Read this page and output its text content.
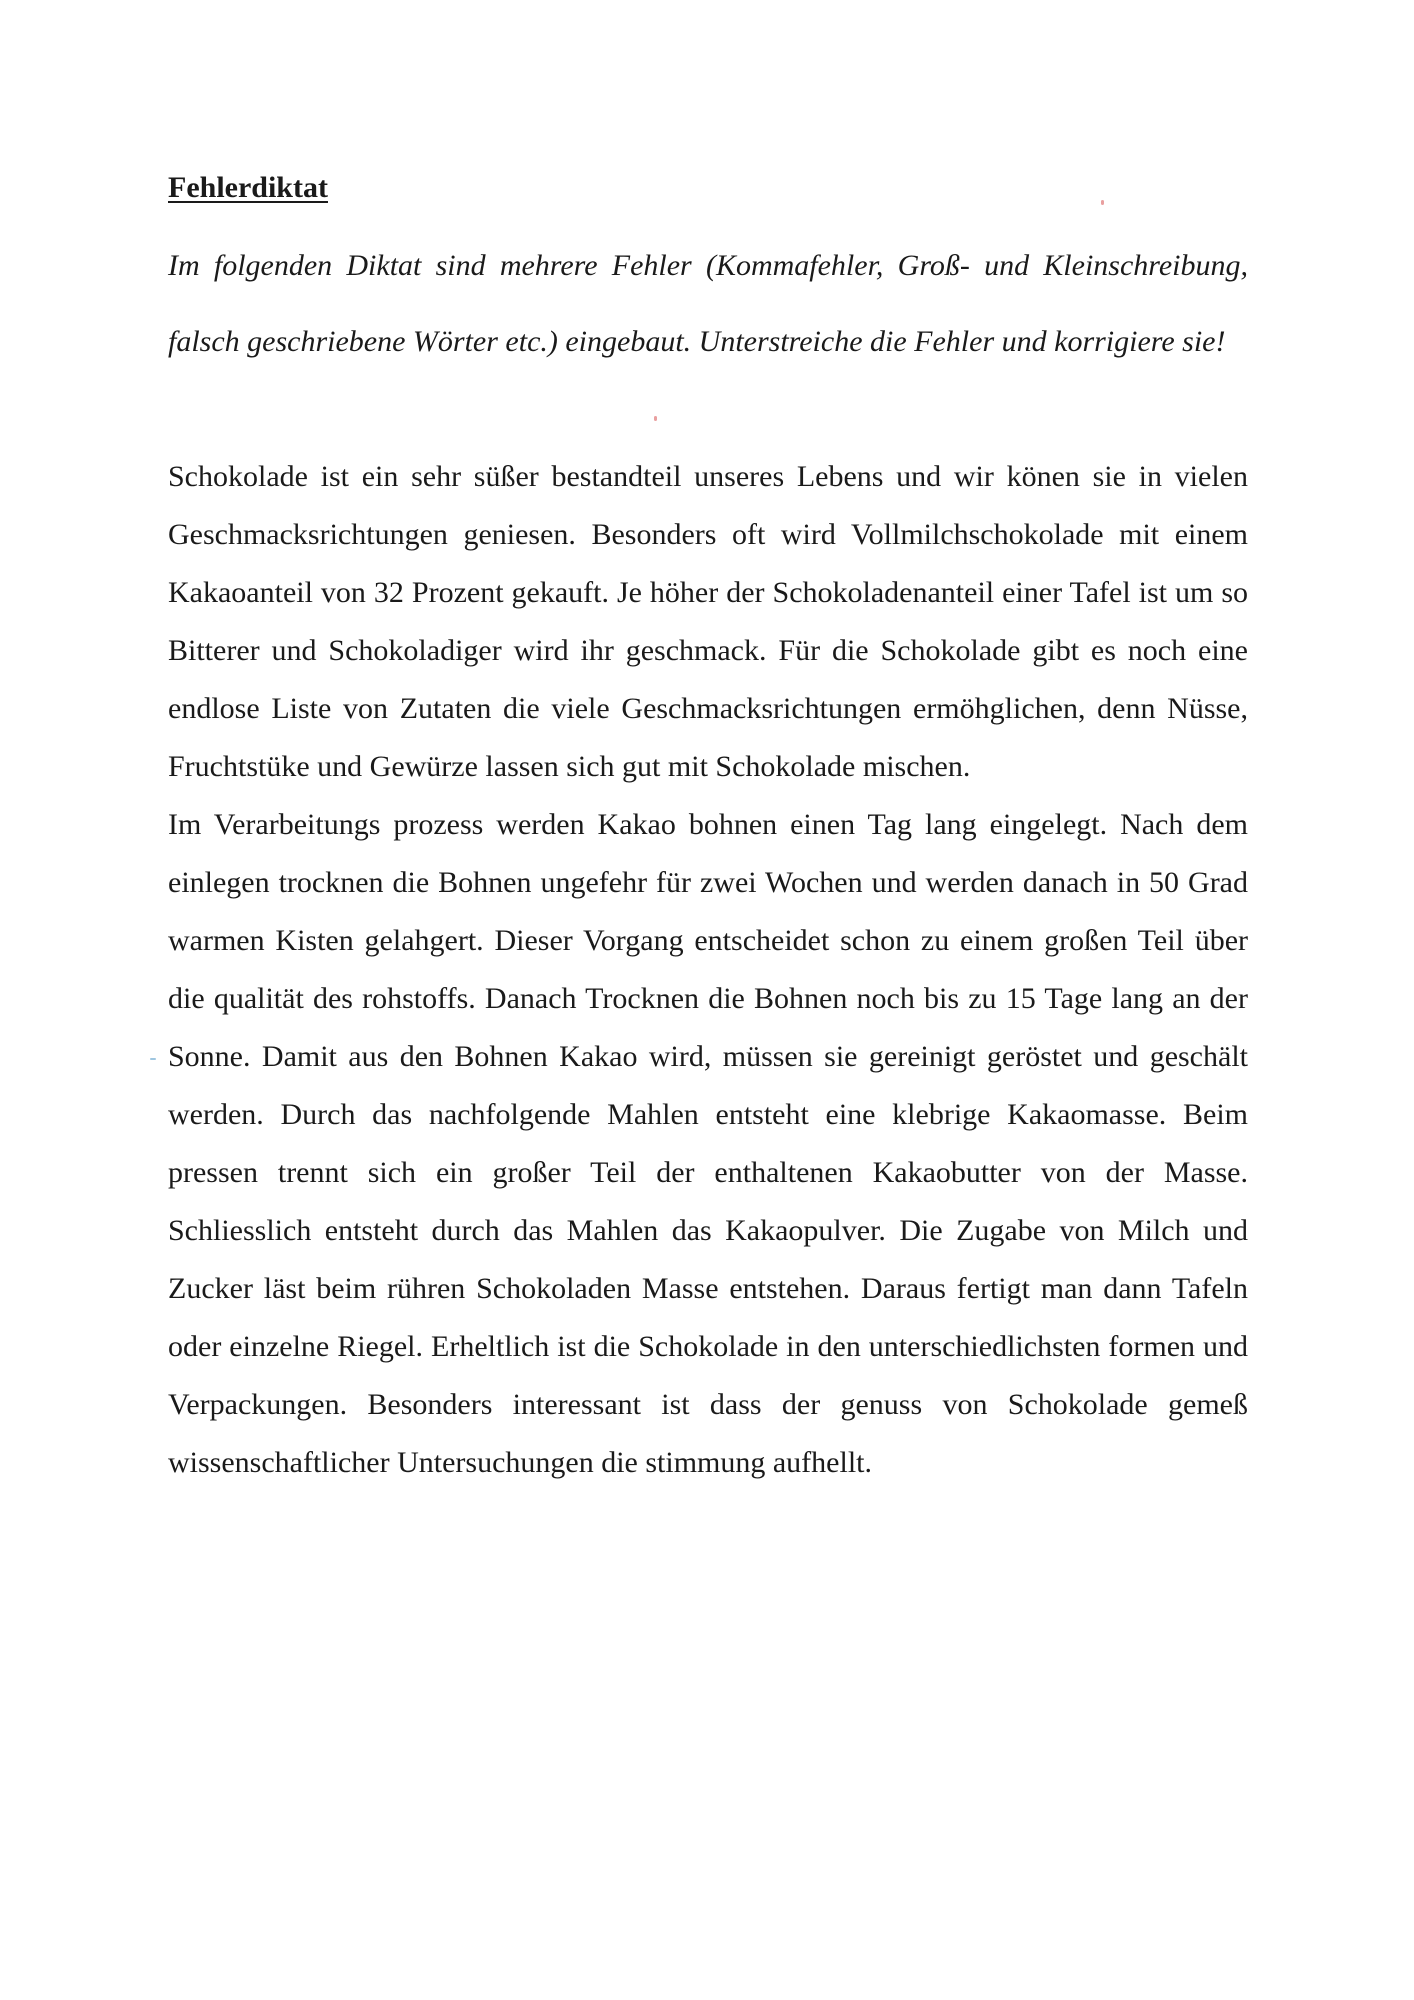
Fehlerdiktat

Im folgenden Diktat sind mehrere Fehler (Kommafehler, Groß- und Kleinschreibung, falsch geschriebene Wörter etc.) eingebaut. Unterstreiche die Fehler und korrigiere sie!

Schokolade ist ein sehr süßer bestandteil unseres Lebens und wir könen sie in vielen Geschmacksrichtungen geniesen. Besonders oft wird Vollmilchschokolade mit einem Kakaoanteil von 32 Prozent gekauft. Je höher der Schokoladenanteil einer Tafel ist um so Bitterer und Schokoladiger wird ihr geschmack. Für die Schokolade gibt es noch eine endlose Liste von Zutaten die viele Geschmacksrichtungen ermöhglichen, denn Nüsse, Fruchtstüke und Gewürze lassen sich gut mit Schokolade mischen.

Im Verarbeitungs prozess werden Kakao bohnen einen Tag lang eingelegt. Nach dem einlegen trocknen die Bohnen ungefehr für zwei Wochen und werden danach in 50 Grad warmen Kisten gelahgert. Dieser Vorgang entscheidet schon zu einem großen Teil über die qualität des rohstoffs. Danach Trocknen die Bohnen noch bis zu 15 Tage lang an der Sonne. Damit aus den Bohnen Kakao wird, müssen sie gereinigt geröstet und geschält werden. Durch das nachfolgende Mahlen entsteht eine klebrige Kakaomasse. Beim pressen trennt sich ein großer Teil der enthaltenen Kakaobutter von der Masse. Schliesslich entsteht durch das Mahlen das Kakaopulver. Die Zugabe von Milch und Zucker läst beim rühren Schokoladen Masse entstehen. Daraus fertigt man dann Tafeln oder einzelne Riegel. Erheltlich ist die Schokolade in den unterschiedlichsten formen und Verpackungen. Besonders interessant ist dass der genuss von Schokolade gemeß wissenschaftlicher Untersuchungen die stimmung aufhellt.
